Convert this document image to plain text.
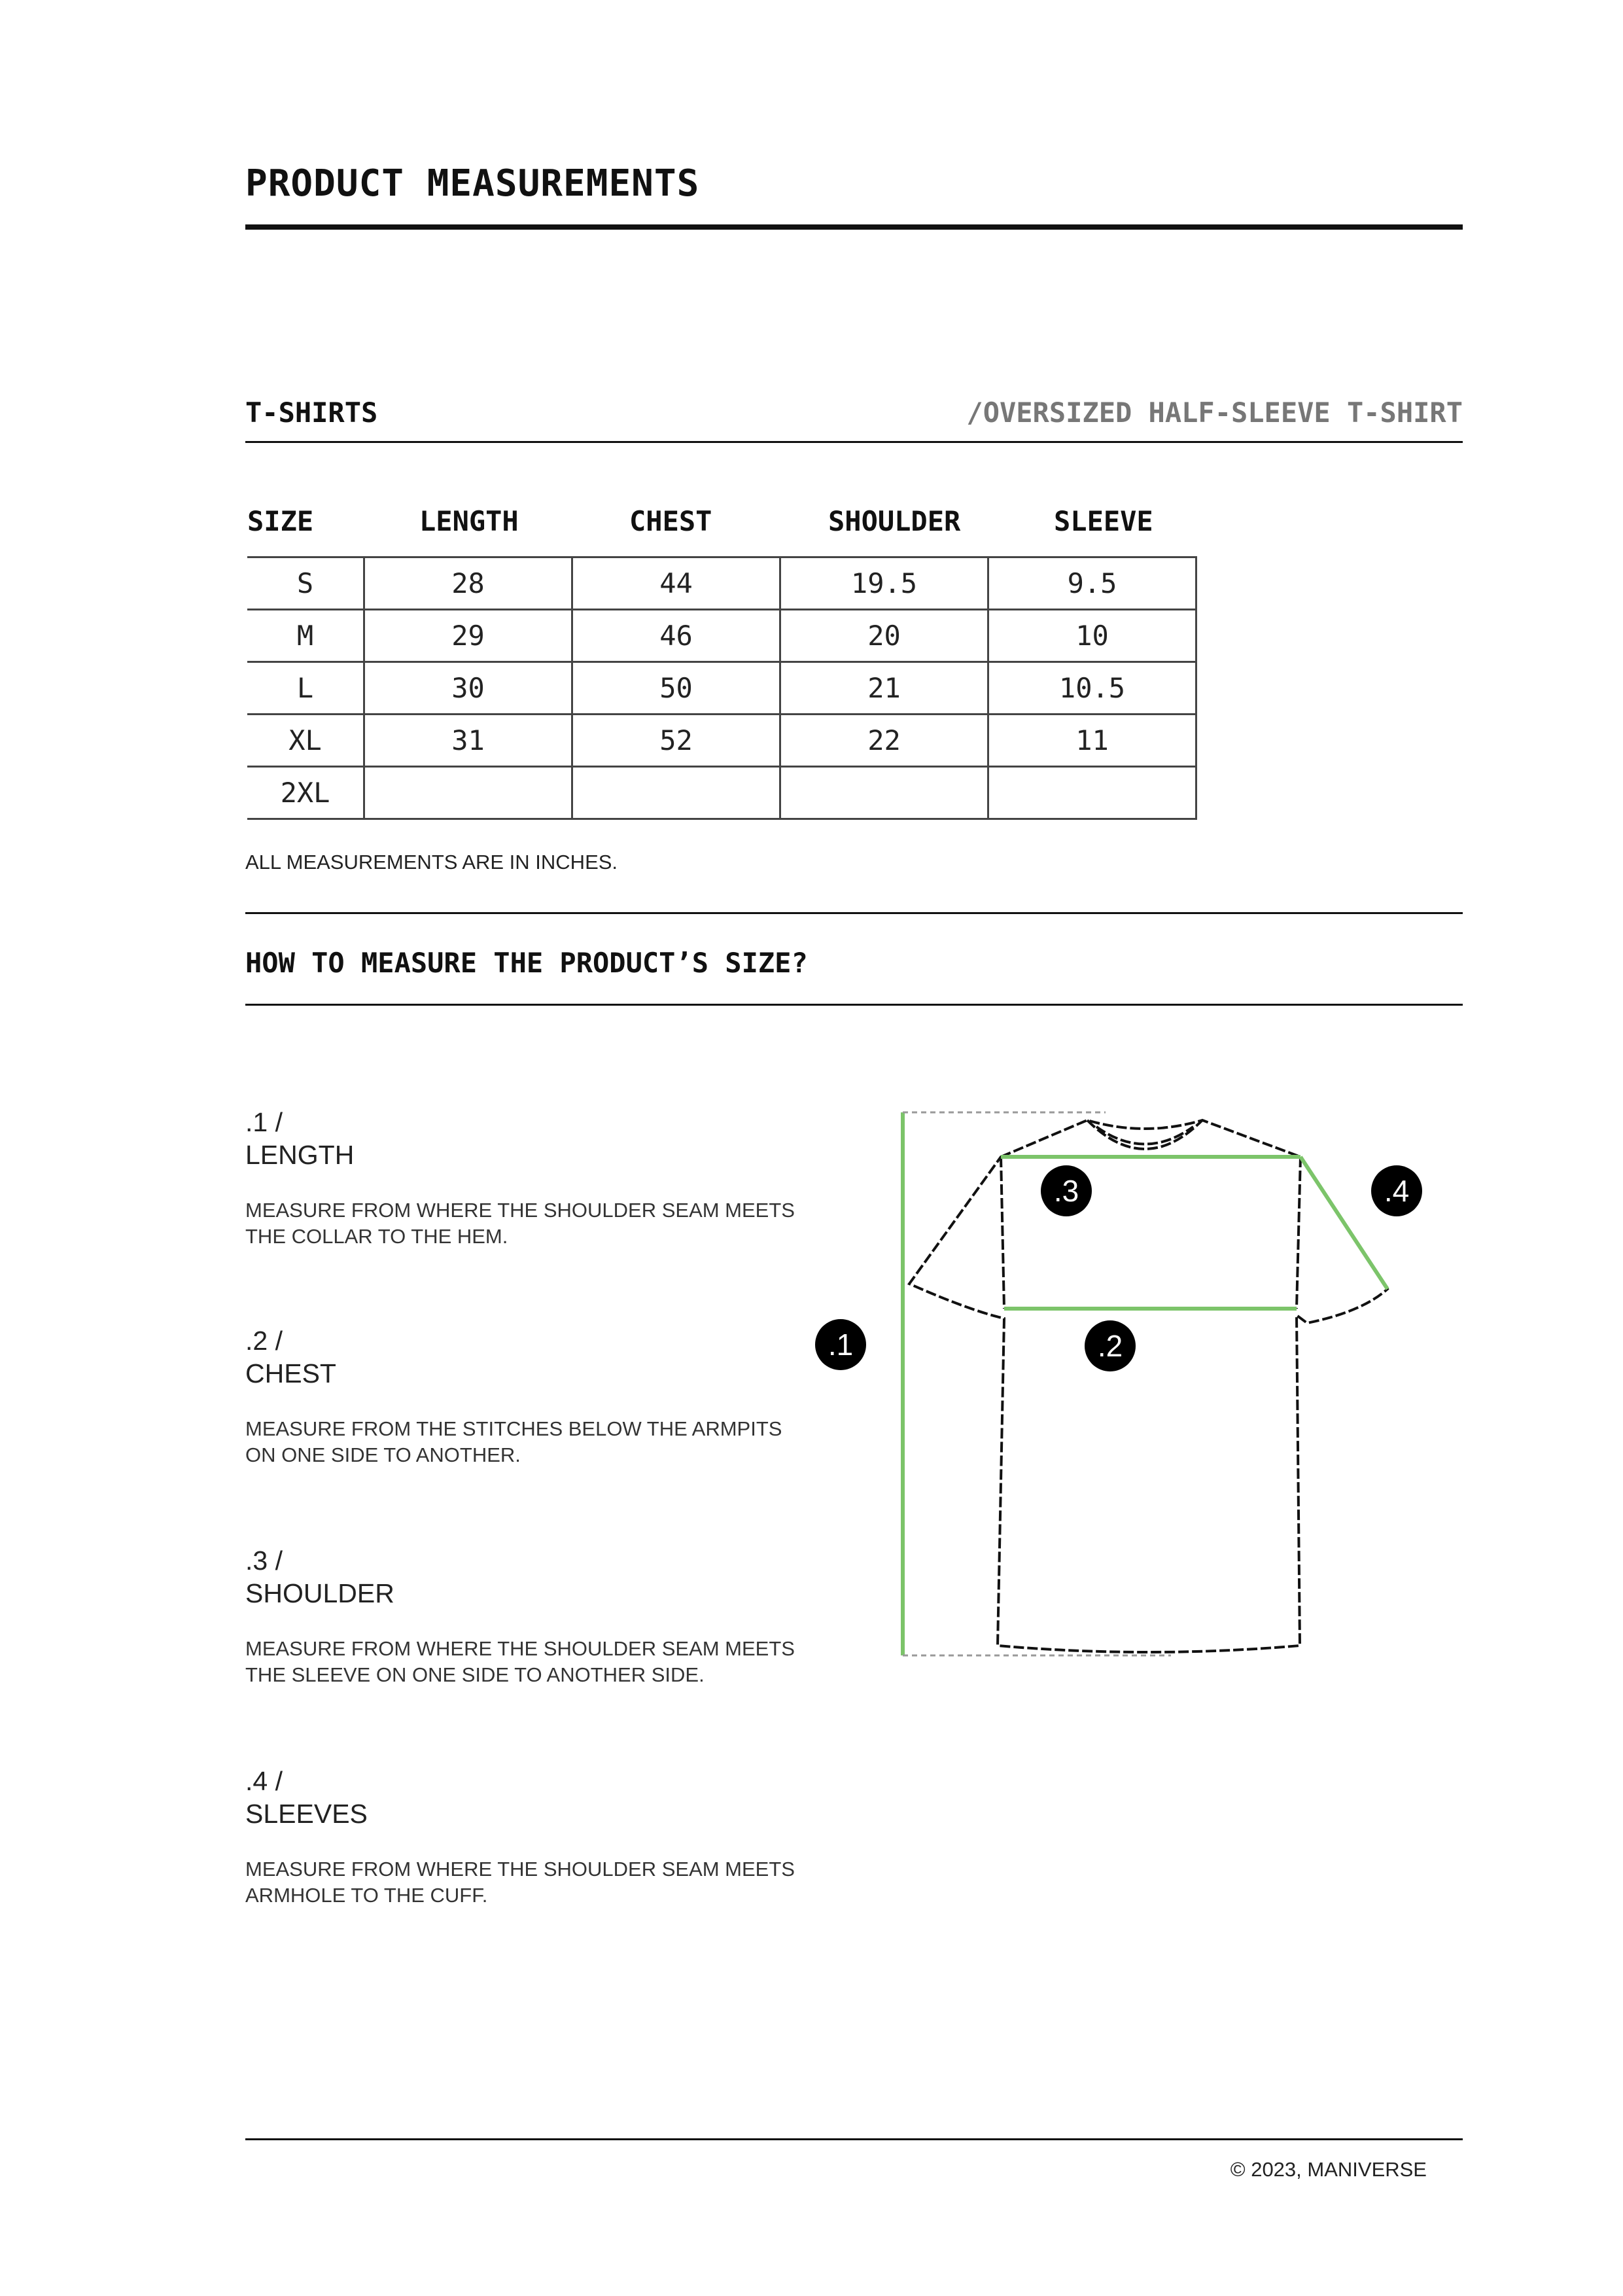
PRODUCT MEASUREMENTS
T-SHIRTS	/OVERSIZED HALF-SLEEVE T-SHIRT
SIZE	LENGTH	CHEST	SHOULDER	SLEEVE
S	28	44	19.5	9.5
M	29	46	20	10
L	30	50	21	10.5
XL	31	52	22	11
2XL				
ALL MEASUREMENTS ARE IN INCHES.
HOW TO MEASURE THE PRODUCT’S SIZE?
.1 /
LENGTH
MEASURE FROM WHERE THE SHOULDER SEAM MEETS THE COLLAR TO THE HEM.
.2 /
CHEST
MEASURE FROM THE STITCHES BELOW THE ARMPITS ON ONE SIDE TO ANOTHER.
.3 /
SHOULDER
MEASURE FROM WHERE THE SHOULDER SEAM MEETS THE SLEEVE ON ONE SIDE TO ANOTHER SIDE.
.4 /
SLEEVES
MEASURE FROM WHERE THE SHOULDER SEAM MEETS ARMHOLE TO THE CUFF.
.1	.2
.3	.4
© 2023, MANIVERSE
